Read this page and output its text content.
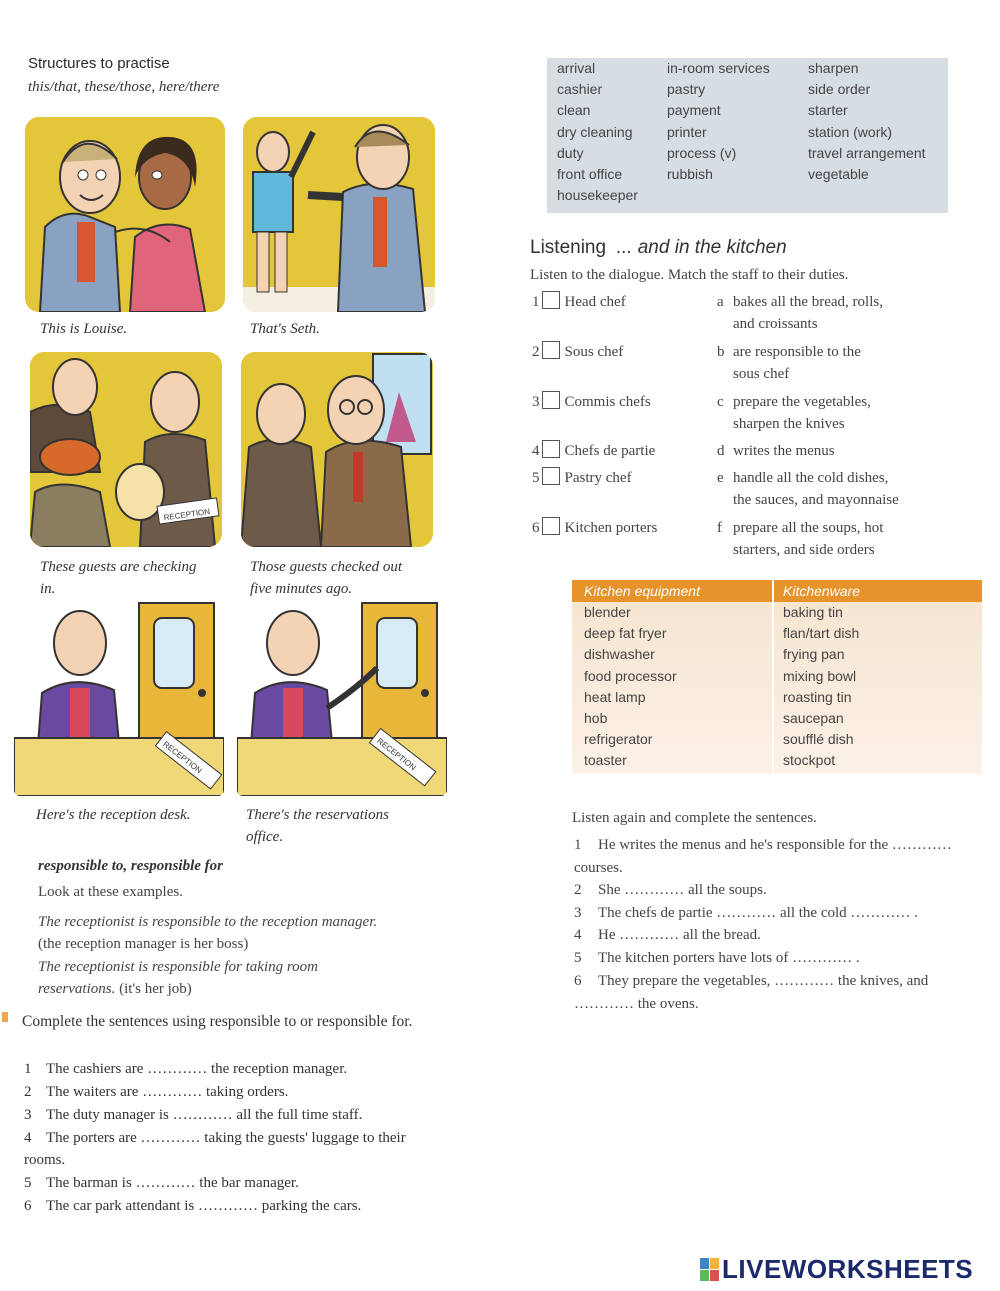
Structures to practise
this/that, these/those, here/there
This is Louise.	That's Seth.
RECEPTION
These guests are checking in.
Those guests checked out five minutes ago.
RECEPTION
Here's the reception desk.
RECEPTION
There's the reservations office.
responsible to, responsible for
Look at these examples.
The receptionist is responsible to the reception manager.
(the reception manager is her boss)
The receptionist is responsible for taking room reservations. (it's her job)
Complete the sentences using responsible to or responsible for.
1 The cashiers are ………… the reception manager.
2 The waiters are ………… taking orders.
3 The duty manager is ………… all the full time staff.
4 The porters are ………… taking the guests' luggage to their rooms.
5 The barman is ………… the bar manager.
6 The car park attendant is ………… parking the cars.
arrival
cashier
clean
dry cleaning
duty
front office
housekeeper
in-room services
pastry
payment
printer
process (v)
rubbish
sharpen
side order
starter
station (work)
travel arrangement
vegetable
Listening ... and in the kitchen
Listen to the dialogue. Match the staff to their duties.
1 Head chef
2 Sous chef
3 Commis chefs
4 Chefs de partie
5 Pastry chef
6 Kitchen porters
a bakes all the bread, rolls,
and croissants
b are responsible to the
sous chef
c prepare the vegetables,
sharpen the knives
d writes the menus

e handle all the cold dishes,
the sauces, and mayonnaise
f prepare all the soups, hot
starters, and side orders
Kitchen equipment	Kitchenware
blender
deep fat fryer
dishwasher
food processor
heat lamp
hob
refrigerator
toaster
baking tin
flan/tart dish
frying pan
mixing bowl
roasting tin
saucepan
soufflé dish
stockpot
Listen again and complete the sentences.
1 He writes the menus and he's responsible for the ………… courses.
2 She ………… all the soups.
3 The chefs de partie ………… all the cold ………… .
4 He ………… all the bread.
5 The kitchen porters have lots of ………… .
6 They prepare the vegetables, ………… the knives, and ………… the ovens.
LIVEWORKSHEETS
